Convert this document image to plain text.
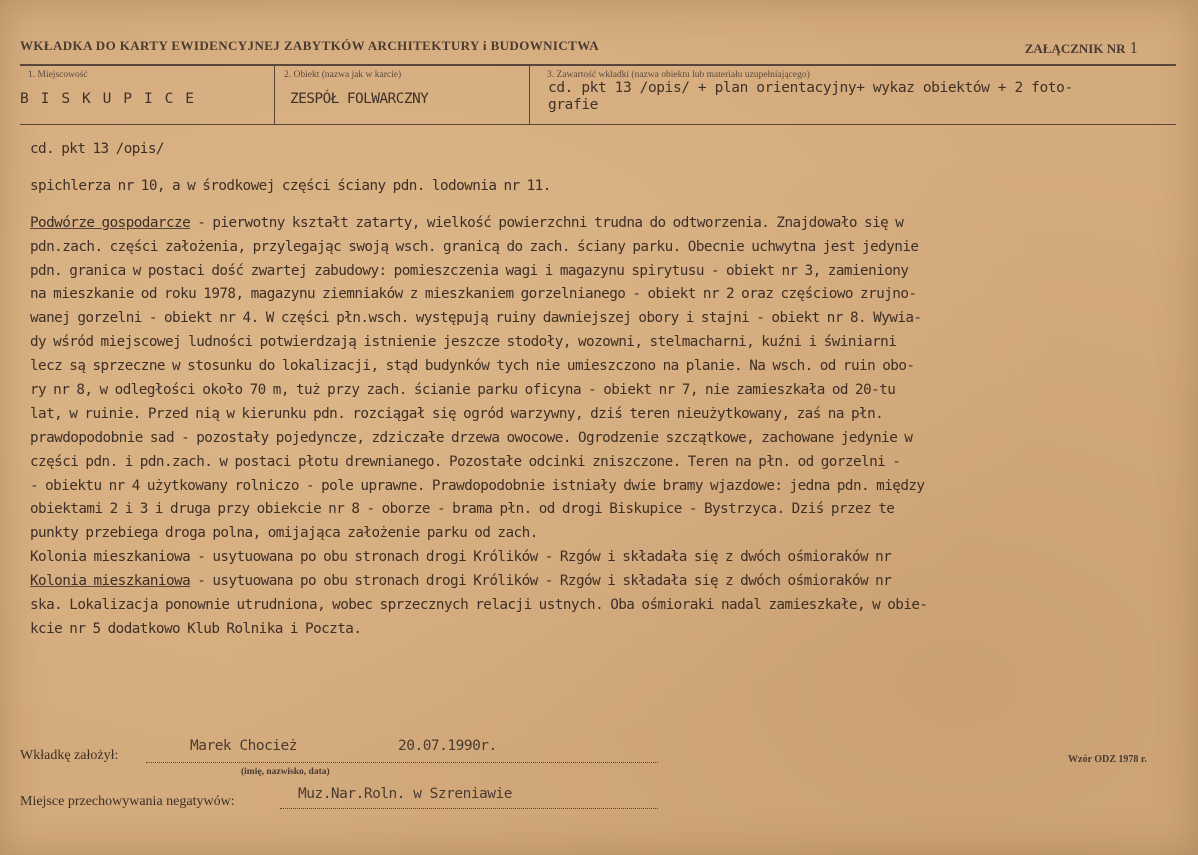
WKŁADKA DO KARTY EWIDENCYJNEJ ZABYTKÓW ARCHITEKTURY i BUDOWNICTWA	ZAŁĄCZNIK NR 1
1. Miejscowość
B I S K U P I C E
2. Obiekt (nazwa jak w karcie)
ZESPÓŁ FOLWARCZNY
3. Zawartość wkładki (nazwa obiektu lub materiału uzupełniającego)
cd. pkt 13 /opis/ + plan orientacyjny+ wykaz obiektów + 2 foto-
grafie
cd. pkt 13 /opis/
spichlerza nr 10, a w środkowej części ściany pdn. lodownia nr 11.
Podwórze gospodarcze - pierwotny kształt zatarty, wielkość powierzchni trudna do odtworzenia. Znajdowało się w
pdn.zach. części założenia, przylegając swoją wsch. granicą do zach. ściany parku. Obecnie uchwytna jest jedynie
pdn. granica w postaci dość zwartej zabudowy: pomieszczenia wagi i magazynu spirytusu - obiekt nr 3, zamieniony
na mieszkanie od roku 1978, magazynu ziemniaków z mieszkaniem gorzelnianego - obiekt nr 2 oraz częściowo zrujno-
wanej gorzelni - obiekt nr 4. W części płn.wsch. występują ruiny dawniejszej obory i stajni - obiekt nr 8. Wywia-
dy wśród miejscowej ludności potwierdzają istnienie jeszcze stodoły, wozowni, stelmacharni, kuźni i świniarni
lecz są sprzeczne w stosunku do lokalizacji, stąd budynków tych nie umieszczono na planie. Na wsch. od ruin obo-
ry nr 8, w odległości około 70 m, tuż przy zach. ścianie parku oficyna - obiekt nr 7, nie zamieszkała od 20-tu
lat, w ruinie. Przed nią w kierunku pdn. rozciągał się ogród warzywny, dziś teren nieużytkowany, zaś na płn.
prawdopodobnie sad - pozostały pojedyncze, zdziczałe drzewa owocowe. Ogrodzenie szczątkowe, zachowane jedynie w
części pdn. i pdn.zach. w postaci płotu drewnianego. Pozostałe odcinki zniszczone. Teren na płn. od gorzelni -
- obiektu nr 4 użytkowany rolniczo - pole uprawne. Prawdopodobnie istniały dwie bramy wjazdowe: jedna pdn. między
obiektami 2 i 3 i druga przy obiekcie nr 8 - oborze - brama płn. od drogi Biskupice - Bystrzyca. Dziś przez te
punkty przebiega droga polna, omijająca założenie parku od zach.
Kolonia mieszkaniowa - usytuowana po obu stronach drogi Królików - Rzgów i składała się z dwóch ośmioraków nr
Kolonia mieszkaniowa - usytuowana po obu stronach drogi Królików - Rzgów i składała się z dwóch ośmioraków nr
ska. Lokalizacja ponownie utrudniona, wobec sprzecznych relacji ustnych. Oba ośmioraki nadal zamieszkałe, w obie-
kcie nr 5 dodatkowo Klub Rolnika i Poczta.
Wkładkę założył:
Marek Chocież	20.07.1990r.
(imię, nazwisko, data)
Wzór ODZ 1978 r.
Miejsce przechowywania negatywów:	Muz.Nar.Roln. w Szreniawie
